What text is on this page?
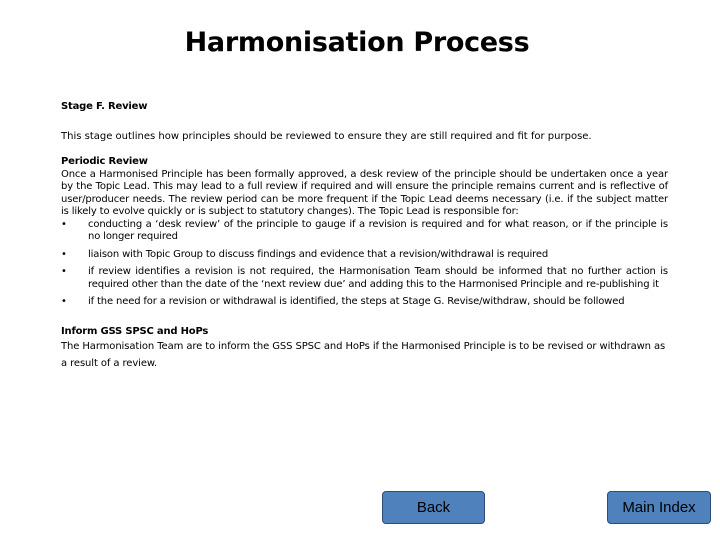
Harmonisation Process
Stage F. Review

This stage outlines how principles should be reviewed to ensure they are still required and fit for purpose.

Periodic Review

Once a Harmonised Principle has been formally approved, a desk review of the principle should be undertaken once a year by the Topic Lead. This may lead to a full review if required and will ensure the principle remains current and is reflective of user/producer needs. The review period can be more frequent if the Topic Lead deems necessary (i.e. if the subject matter is likely to evolve quickly or is subject to statutory changes). The Topic Lead is responsible for:

• conducting a ‘desk review’ of the principle to gauge if a revision is required and for what reason, or if the principle is no longer required
• liaison with Topic Group to discuss findings and evidence that a revision/withdrawal is required
• if review identifies a revision is not required, the Harmonisation Team should be informed that no further action is required other than the date of the ‘next review due’ and adding this to the Harmonised Principle and re-publishing it
• if the need for a revision or withdrawal is identified, the steps at Stage G. Revise/withdraw, should be followed
Inform GSS SPSC and HoPs

The Harmonisation Team are to inform the GSS SPSC and HoPs if the Harmonised Principle is to be revised or withdrawn as a result of a review.

Back	Main Index
